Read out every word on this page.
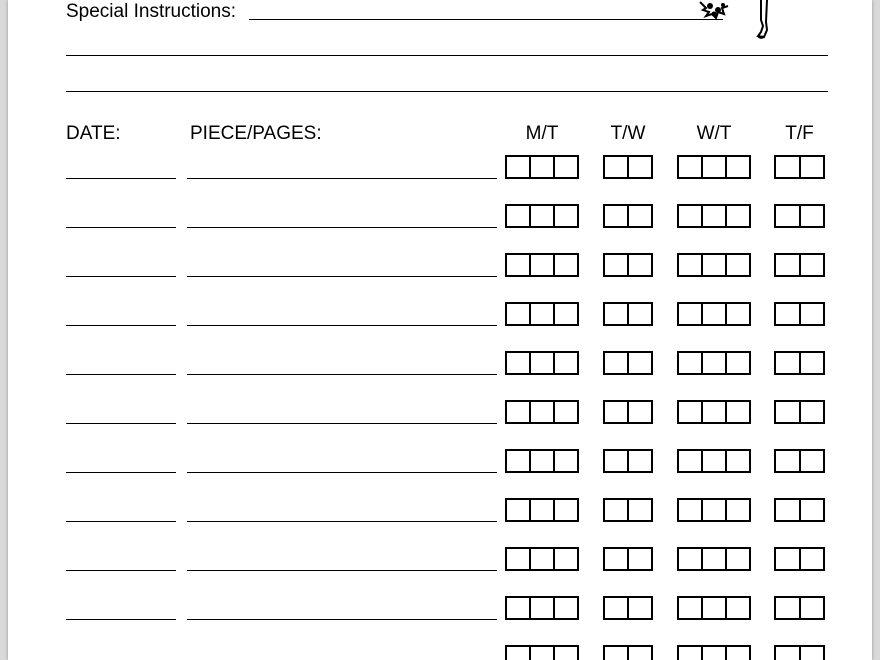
Special Instructions:
DATE:	PIECE/PAGES:	M/T	T/W	W/T	T/F
